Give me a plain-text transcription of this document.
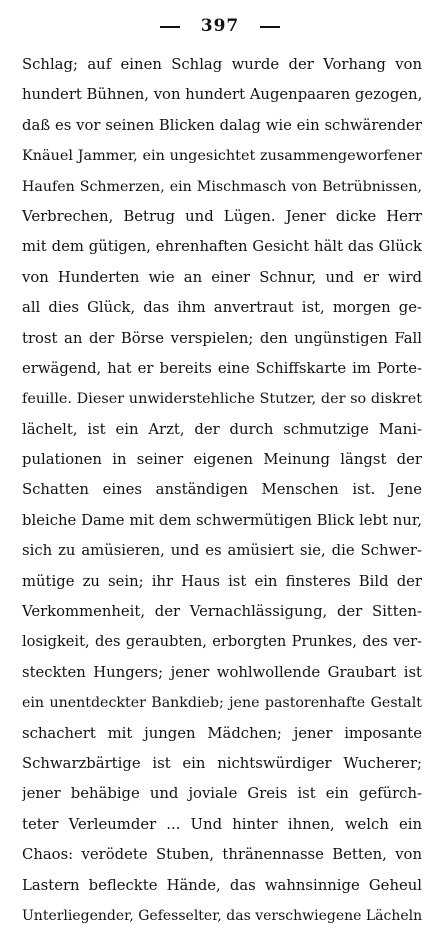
397
Schlag; auf einen Schlag wurde der Vorhang von
hundert Bühnen, von hundert Augenpaaren gezogen,
daß es vor seinen Blicken dalag wie ein schwärender
Knäuel Jammer, ein ungesichtet zusammengeworfener
Haufen Schmerzen, ein Mischmasch von Betrübnissen,
Verbrechen, Betrug und Lügen. Jener dicke Herr
mit dem gütigen, ehrenhaften Gesicht hält das Glück
von Hunderten wie an einer Schnur, und er wird
all dies Glück, das ihm anvertraut ist, morgen ge-
trost an der Börse verspielen; den ungünstigen Fall
erwägend, hat er bereits eine Schiffskarte im Porte-
feuille. Dieser unwiderstehliche Stutzer, der so diskret
lächelt, ist ein Arzt, der durch schmutzige Mani-
pulationen in seiner eigenen Meinung längst der
Schatten eines anständigen Menschen ist. Jene
bleiche Dame mit dem schwermütigen Blick lebt nur,
sich zu amüsieren, und es amüsiert sie, die Schwer-
mütige zu sein; ihr Haus ist ein finsteres Bild der
Verkommenheit, der Vernachlässigung, der Sitten-
losigkeit, des geraubten, erborgten Prunkes, des ver-
steckten Hungers; jener wohlwollende Graubart ist
ein unentdeckter Bankdieb; jene pastorenhafte Gestalt
schachert mit jungen Mädchen; jener imposante
Schwarzbärtige ist ein nichtswürdiger Wucherer;
jener behäbige und joviale Greis ist ein gefürch-
teter Verleumder ... Und hinter ihnen, welch ein
Chaos: verödete Stuben, thränennasse Betten, von
Lastern befleckte Hände, das wahnsinnige Geheul
Unterliegender, Gefesselter, das verschwiegene Lächeln
